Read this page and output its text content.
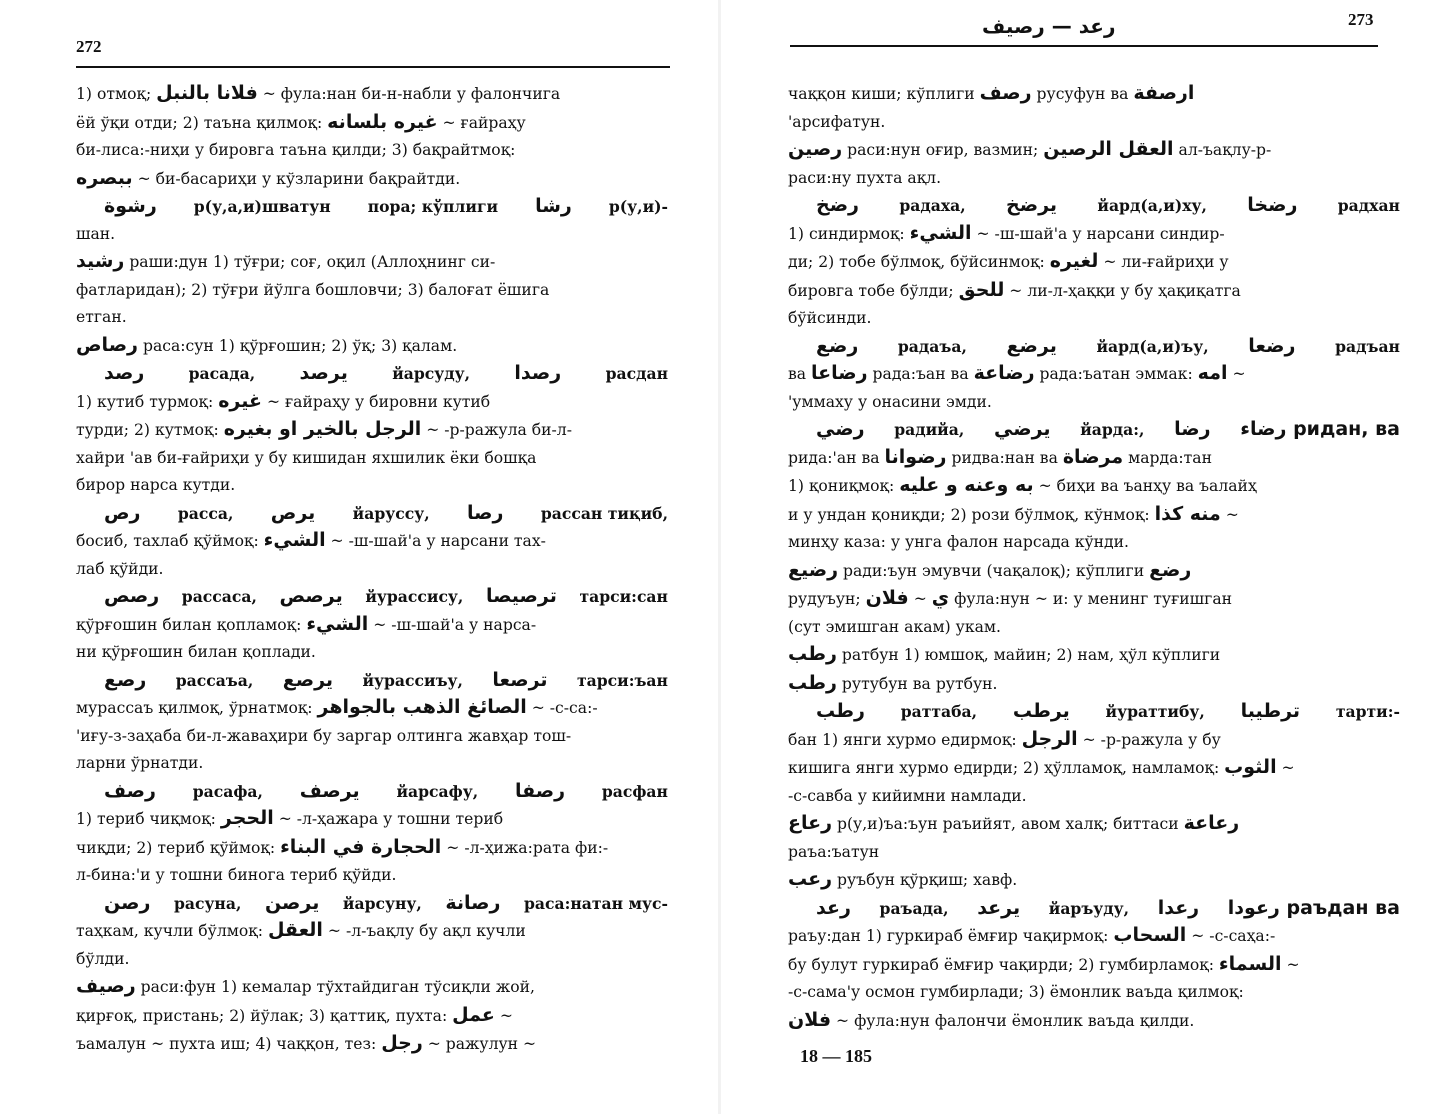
272
1) отмоқ; فلانا بالنبل ~ фула:нан би-н-набли у фалончига
ёй ўқи отди; 2) таъна қилмоқ: غيره بلسانه ~ ғайраҳу
би-лиса:-ниҳи у бировга таъна қилди; 3) бақрайтмоқ:
ببصره ~ би-басариҳи у кўзларини бақрайтди.
رشوة р(у,а,и)шватун пора; кўплиги رشا р(у,и)-
шан.
رشيد раши:дун 1) тўғри; соғ, оқил (Аллоҳнинг си-
фатларидан); 2) тўғри йўлга бошловчи; 3) балоғат ёшига
етган.
رصاص раса:сун 1) қўрғошин; 2) ўқ; 3) қалам.
رصد	расада, يرصد	йарсуду, رصدا	расдан
1) кутиб турмоқ: غيره ~ ғайраҳу у бировни кутиб
турди; 2) кутмоқ: الرجل بالخير او بغيره ~ -р-ражула би-л-
хайри 'ав би-ғайриҳи у бу кишидан яхшилик ёки бошқа
бирор нарса кутди.
رص расса, يرص йаруссу, رصا рассан тиқиб,
босиб, тахлаб қўймоқ: الشيء ~ -ш-шай'а у нарсани тах-
лаб қўйди.
رصص рассаса, يرصص йурассису, ترصيصا тарси:сан
қўрғошин билан қопламоқ: الشيء ~ -ш-шай'а у нарса-
ни қўрғошин билан қоплади.
رصع рассаъа, يرصع йурассиъу, ترصعا тарси:ъан
мурассаъ қилмоқ, ўрнатмоқ: الصائغ الذهب بالجواهر ~ -с-са:-
'иғу-з-заҳаба би-л-жаваҳири бу заргар олтинга жавҳар тош-
ларни ўрнатди.
رصف расафа, يرصف йарсафу, رصفا расфан
1) териб чиқмоқ: الحجر ~ -л-ҳажара у тошни териб
чиқди; 2) териб қўймоқ: الحجارة في البناء ~ -л-ҳижа:рата фи:-
л-бина:'и у тошни бинога териб қўйди.
رصن расуна, يرصن йарсуну, رصانة раса:натан мус-
таҳкам, кучли бўлмоқ: العقل ~ -л-ъақлу бу ақл кучли
бўлди.
رصيف раси:фун 1) кемалар тўхтайдиган тўсиқли жой,
қирғоқ, пристань; 2) йўлак; 3) қаттиқ, пухта: عمل ~
ъамалун ~ пухта иш; 4) чаққон, тез: رجل ~ ражулун ~
رعد — رصيف	273
чаққон киши; кўплиги رصف русуфун ва ارصفة
'арсифатун.
رصين раси:нун оғир, вазмин; العقل الرصين ал-ъақлу-р-
раси:ну пухта ақл.
رضخ	радаха, يرضخ	йард(а,и)ху, رضخا	радхан
1) синдирмоқ: الشيء ~ -ш-шай'а у нарсани синдир-
ди; 2) тобе бўлмоқ, бўйсинмоқ: لغيره ~ ли-ғайриҳи у
бировга тобе бўлди; للحق ~ ли-л-ҳаққи у бу ҳақиқатга
бўйсинди.
رضع	радаъа, يرضع	йард(а,и)ъу, رضعا	радъан
ва رضاعا рада:ъан ва رضاعة рада:ъатан эммак: امه ~
'уммаху у онасини эмди.
رضي радийа, يرضي йарда:, رضا ридан, ва رضاء
рида:'ан ва رضوانا ридва:нан ва مرضاة марда:тан
1) қониқмоқ: به وعنه و عليه ~ биҳи ва ъанҳу ва ъалайҳ
и у ундан қониқди; 2) рози бўлмоқ, кўнмоқ: منه كذا ~
минҳу каза: у унга фалон нарсада кўнди.
رضيع ради:ъун эмувчи (чақалоқ); кўплиги رضع
рудуъун; فلان ~ ي фула:нун ~ и: у менинг туғишган
(сут эмишган акам) укам.
رطب ратбун 1) юмшоқ, майин; 2) нам, ҳўл кўплиги
رطب рутубун ва рутбун.
رطب раттаба, يرطب йураттибу, ترطيبا тарти:-
бан 1) янги хурмо едирмоқ: الرجل ~ -р-ражула у бу
кишига янги хурмо едирди; 2) ҳўлламоқ, намламоқ: الثوب ~
-с-савба у кийимни намлади.
رعاع р(у,и)ъа:ъун раъийят, авом халқ; биттаси رعاعة
раъа:ъатун
رعب руъбун қўрқиш; хавф.
رعد раъада, يرعد йаръуду, رعدا раъдан ва رعودا
раъу:дан 1) гуркираб ёмғир чақирмоқ: السحاب ~ -с-саҳа:-
бу булут гуркираб ёмғир чақирди; 2) гумбирламоқ: السماء ~
-с-сама'у осмон гумбирлади; 3) ёмонлик ваъда қилмоқ:
فلان ~ фула:нун фалончи ёмонлик ваъда қилди.
18 — 185
